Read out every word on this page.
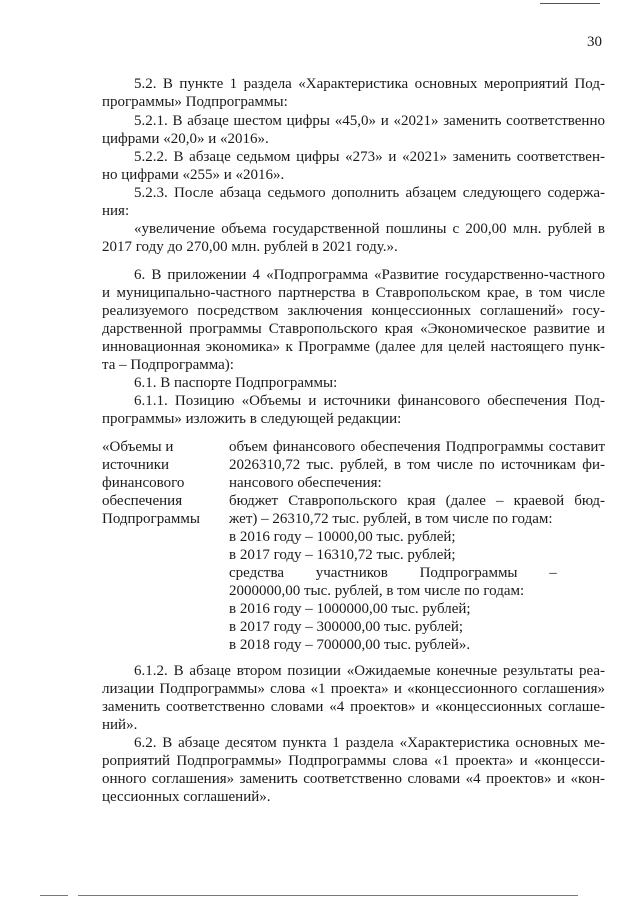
30
5.2. В пункте 1 раздела «Характеристика основных мероприятий Под-
программы» Подпрограммы:
5.2.1. В абзаце шестом цифры «45,0» и «2021» заменить соответственно
цифрами «20,0» и «2016».
5.2.2. В абзаце седьмом цифры «273» и «2021» заменить соответствен-
но цифрами «255» и «2016».
5.2.3. После абзаца седьмого дополнить абзацем следующего содержа-
ния:
«увеличение объема государственной пошлины с 200,00 млн. рублей в
2017 году до 270,00 млн. рублей в 2021 году.».
6. В приложении 4 «Подпрограмма «Развитие государственно-частного
и муниципально-частного партнерства в Ставропольском крае, в том числе
реализуемого посредством заключения концессионных соглашений» госу-
дарственной программы Ставропольского края «Экономическое развитие и
инновационная экономика» к Программе (далее для целей настоящего пунк-
та – Подпрограмма):
6.1. В паспорте Подпрограммы:
6.1.1. Позицию «Объемы и источники финансового обеспечения Под-
программы» изложить в следующей редакции:
«Объемы и
источники
финансового
обеспечения
Подпрограммы
объем финансового обеспечения Подпрограммы составит
2026310,72 тыс. рублей, в том числе по источникам фи-
нансового обеспечения:
бюджет Ставропольского края (далее – краевой бюд-
жет) – 26310,72 тыс. рублей, в том числе по годам:
в 2016 году – 10000,00 тыс. рублей;
в 2017 году – 16310,72 тыс. рублей;
средства участников Подпрограммы –
2000000,00 тыс. рублей, в том числе по годам:
в 2016 году – 1000000,00 тыс. рублей;
в 2017 году – 300000,00 тыс. рублей;
в 2018 году – 700000,00 тыс. рублей».
6.1.2. В абзаце втором позиции «Ожидаемые конечные результаты реа-
лизации Подпрограммы» слова «1 проекта» и «концессионного соглашения»
заменить соответственно словами «4 проектов» и «концессионных соглаше-
ний».
6.2. В абзаце десятом пункта 1 раздела «Характеристика основных ме-
роприятий Подпрограммы» Подпрограммы слова «1 проекта» и «концесси-
онного соглашения» заменить соответственно словами «4 проектов» и «кон-
цессионных соглашений».
